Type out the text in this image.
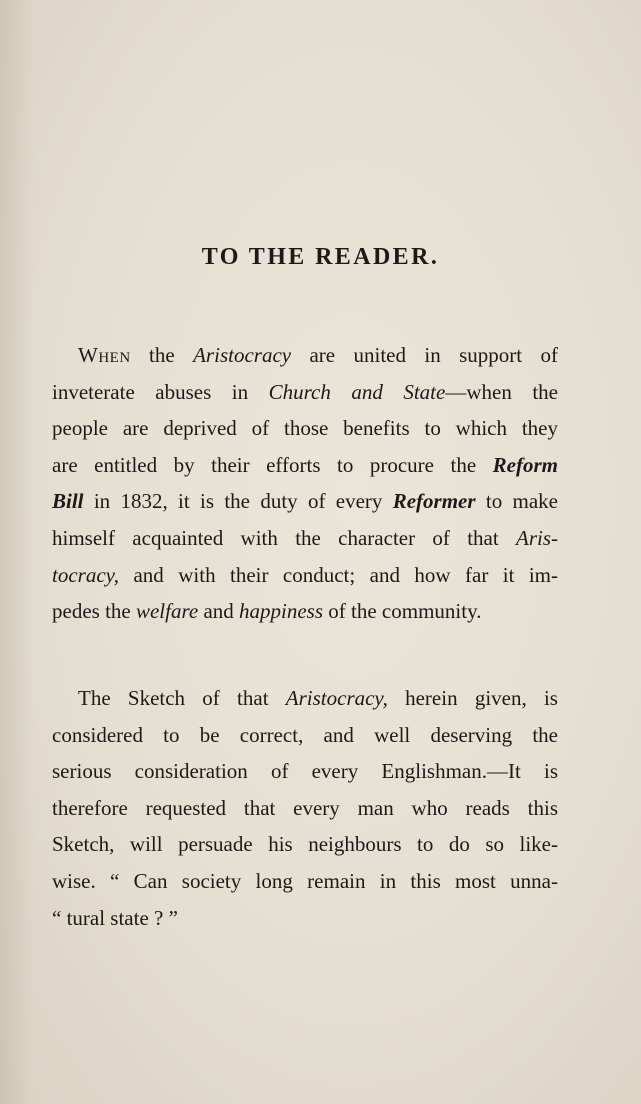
TO THE READER.
When the Aristocracy are united in support of
inveterate abuses in Church and State—when the
people are deprived of those benefits to which they
are entitled by their efforts to procure the Reform
Bill in 1832, it is the duty of every Reformer to make
himself acquainted with the character of that Aris-
tocracy, and with their conduct; and how far it im-
pedes the welfare and happiness of the community.
The Sketch of that Aristocracy, herein given, is
considered to be correct, and well deserving the
serious consideration of every Englishman.—It is
therefore requested that every man who reads this
Sketch, will persuade his neighbours to do so like-
wise. “ Can society long remain in this most unna-
“ tural state ? ”
